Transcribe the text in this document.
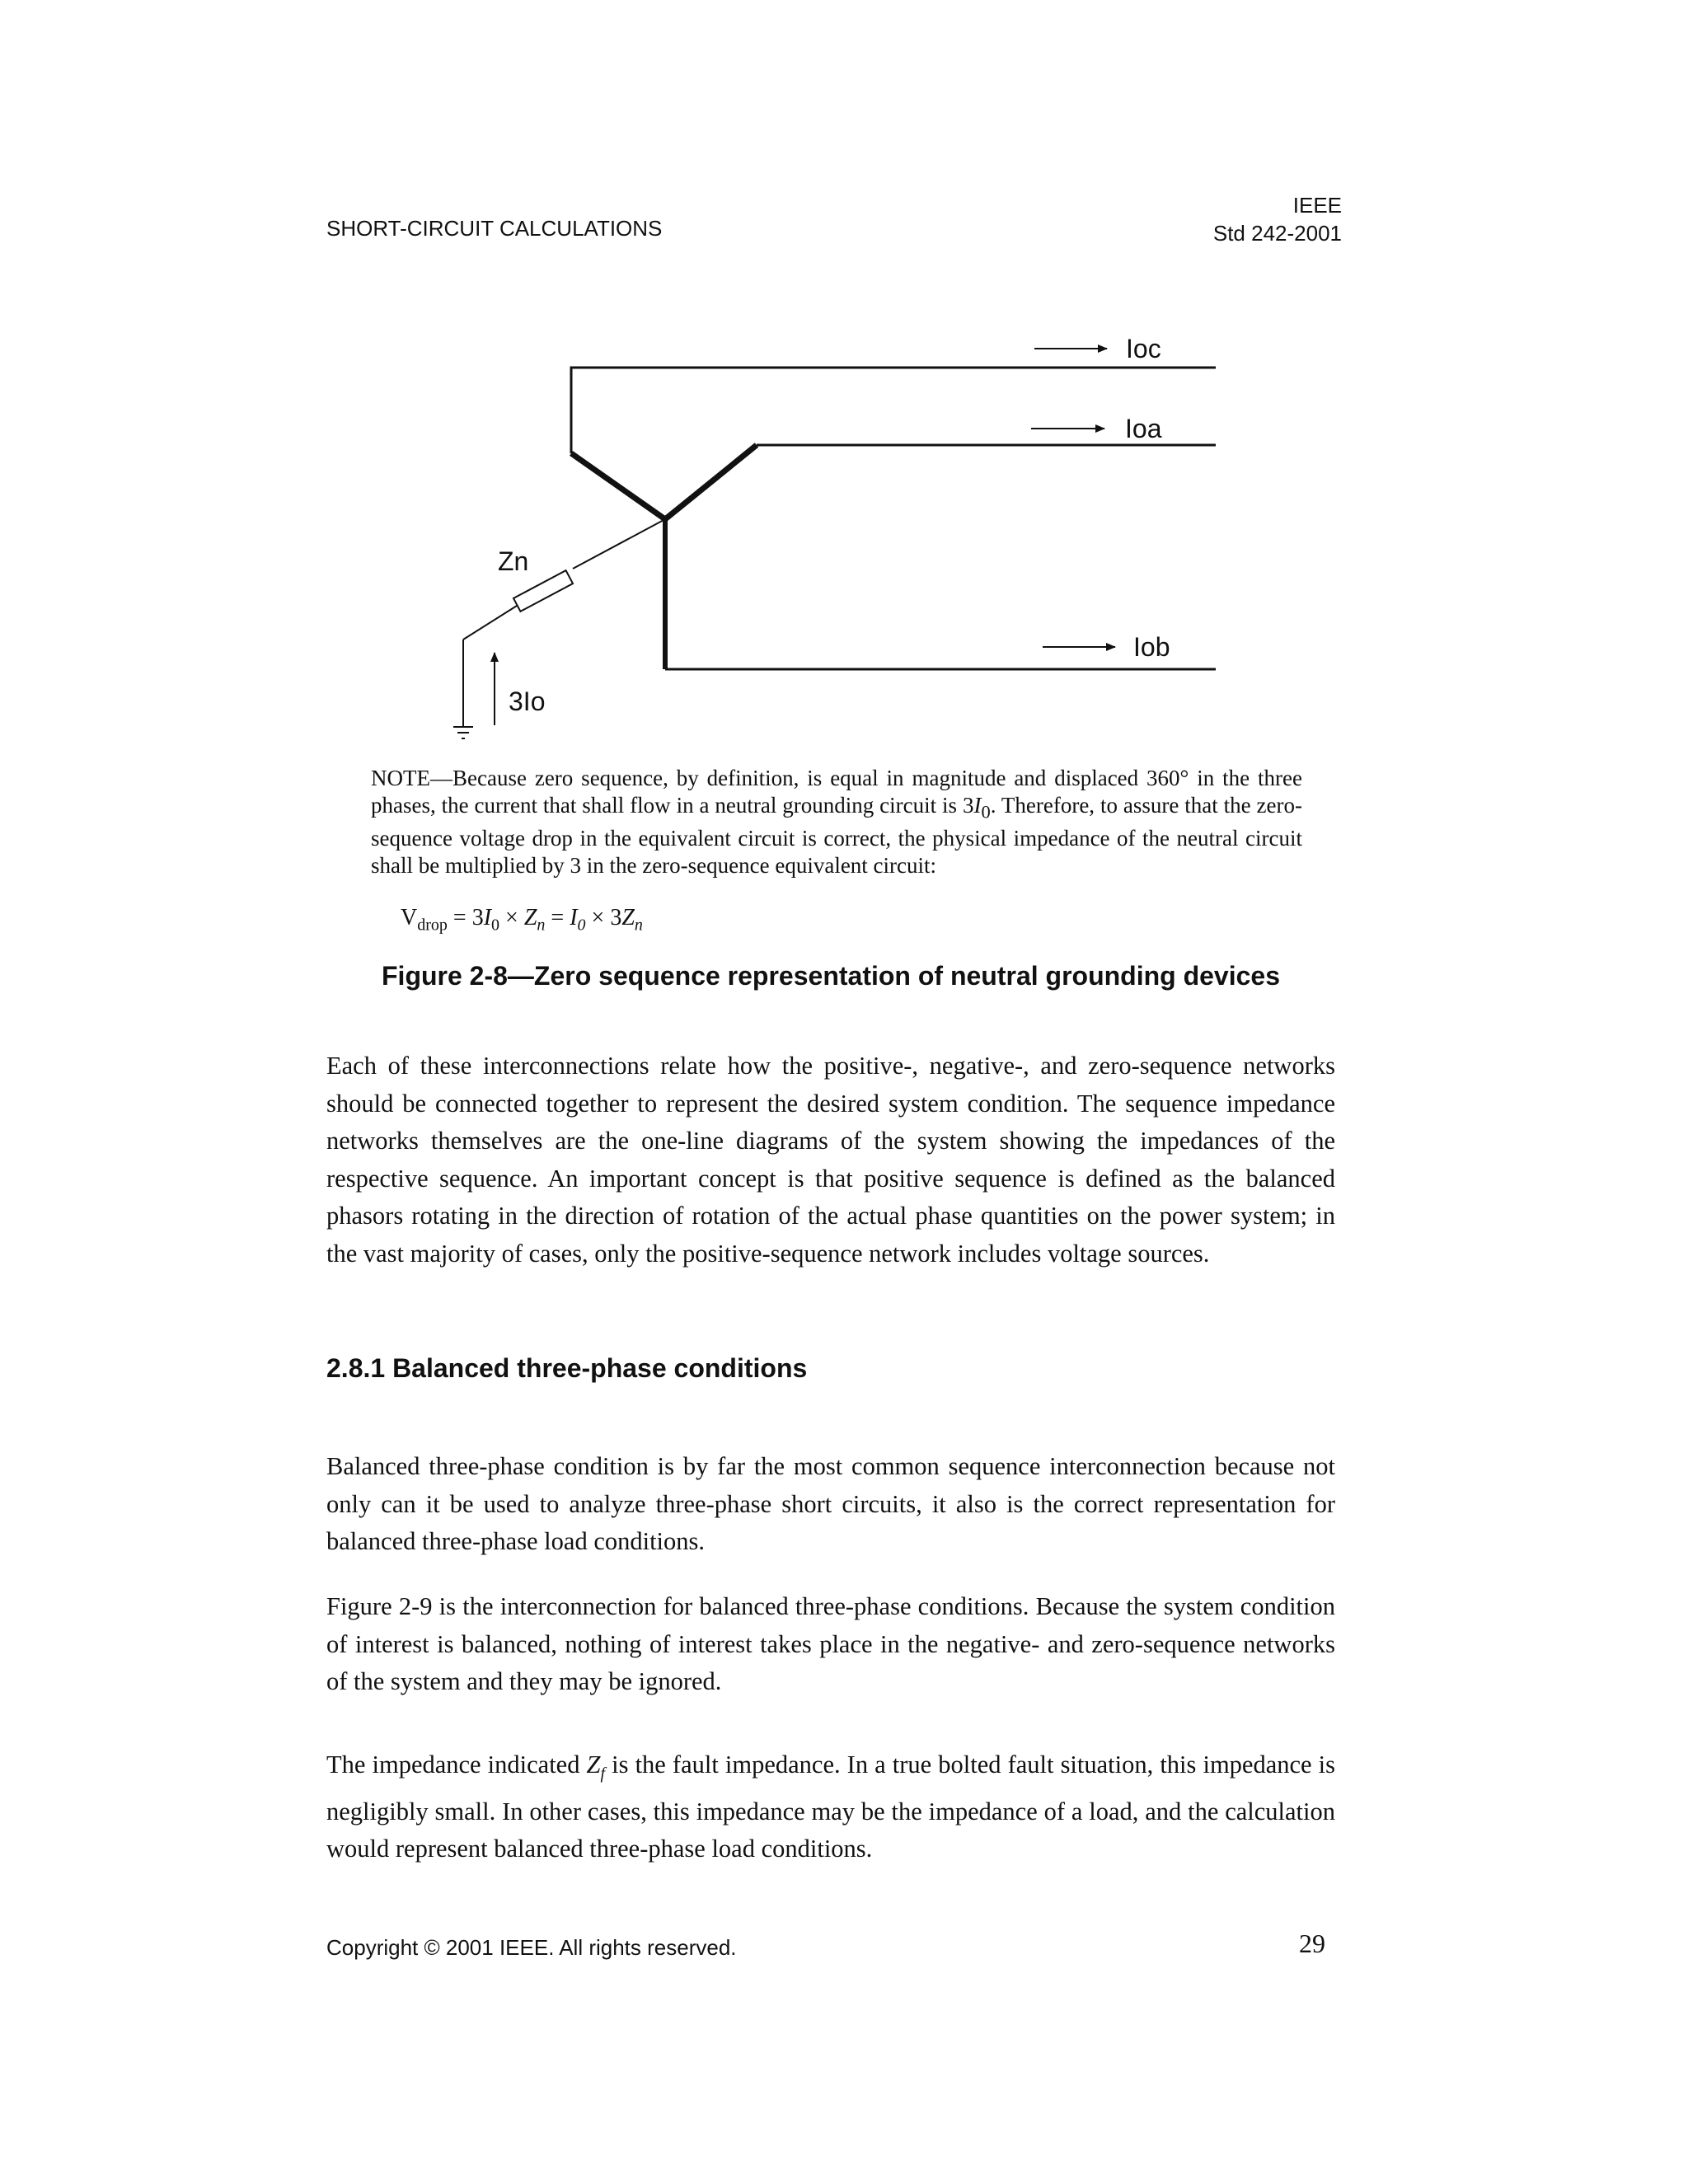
SHORT-CIRCUIT CALCULATIONS
IEEE
Std 242-2001
Ioc
Ioa
Iob
Zn
3Io
NOTE—Because zero sequence, by definition, is equal in magnitude and displaced 360° in the three phases, the current that shall flow in a neutral grounding circuit is $3I_0$. Therefore, to assure that the zero-sequence voltage drop in the equivalent circuit is correct, the physical impedance of the neutral circuit shall be multiplied by 3 in the zero-sequence equivalent circuit:
$V_{drop} = 3I_0 \times Z_n = I_0 \times 3Z_n$
Figure 2-8—Zero sequence representation of neutral grounding devices
Each of these interconnections relate how the positive-, negative-, and zero-sequence networks should be connected together to represent the desired system condition. The sequence impedance networks themselves are the one-line diagrams of the system showing the impedances of the respective sequence. An important concept is that positive sequence is defined as the balanced phasors rotating in the direction of rotation of the actual phase quantities on the power system; in the vast majority of cases, only the positive-sequence network includes voltage sources.
2.8.1 Balanced three-phase conditions
Balanced three-phase condition is by far the most common sequence interconnection because not only can it be used to analyze three-phase short circuits, it also is the correct representation for balanced three-phase load conditions.
Figure 2-9 is the interconnection for balanced three-phase conditions. Because the system condition of interest is balanced, nothing of interest takes place in the negative- and zero-sequence networks of the system and they may be ignored.
The impedance indicated $Z_f$ is the fault impedance. In a true bolted fault situation, this impedance is negligibly small. In other cases, this impedance may be the impedance of a load, and the calculation would represent balanced three-phase load conditions.
Copyright © 2001 IEEE. All rights reserved.	29
